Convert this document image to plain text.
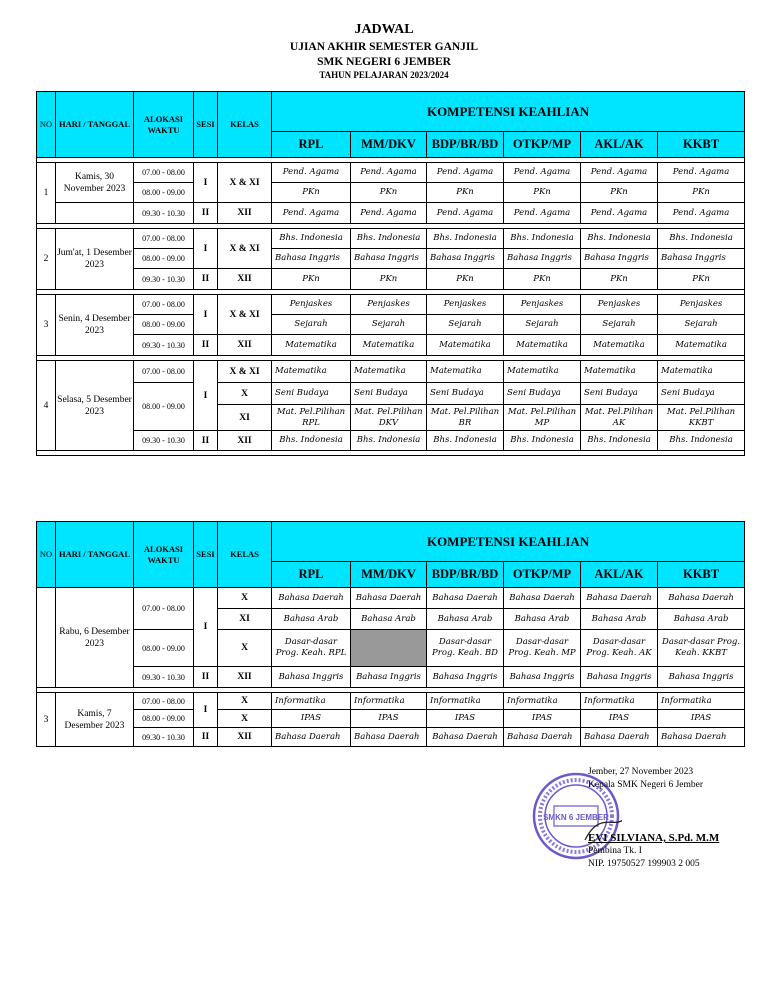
JADWAL
UJIAN AKHIR SEMESTER GANJIL
SMK NEGERI 6 JEMBER
TAHUN PELAJARAN 2023/2024
NO	HARI / TANGGAL	ALOKASI WAKTU	SESI	KELAS	KOMPETENSI KEAHLIAN					
					RPL	MM/DKV	BDP/BR/BD	OTKP/MP	AKL/AK	KKBT

1	Kamis, 30 November 2023	07.00 - 08.00	I	X & XI	Pend. Agama	Pend. Agama	Pend. Agama	Pend. Agama	Pend. Agama	Pend. Agama
		08.00 - 09.00			PKn	PKn	PKn	PKn	PKn	PKn
		09.30 - 10.30	II	XII	Pend. Agama	Pend. Agama	Pend. Agama	Pend. Agama	Pend. Agama	Pend. Agama

2	Jum'at, 1 Desember 2023	07.00 - 08.00	I	X & XI	Bhs. Indonesia	Bhs. Indonesia	Bhs. Indonesia	Bhs. Indonesia	Bhs. Indonesia	Bhs. Indonesia
		08.00 - 09.00			Bahasa Inggris	Bahasa Inggris	Bahasa Inggris	Bahasa Inggris	Bahasa Inggris	Bahasa Inggris
		09.30 - 10.30	II	XII	PKn	PKn	PKn	PKn	PKn	PKn

3	Senin, 4 Desember 2023	07.00 - 08.00	I	X & XI	Penjaskes	Penjaskes	Penjaskes	Penjaskes	Penjaskes	Penjaskes
		08.00 - 09.00			Sejarah	Sejarah	Sejarah	Sejarah	Sejarah	Sejarah
		09.30 - 10.30	II	XII	Matematika	Matematika	Matematika	Matematika	Matematika	Matematika

4	Selasa, 5 Desember 2023	07.00 - 08.00	I	X & XI	Matematika	Matematika	Matematika	Matematika	Matematika	Matematika
		08.00 - 09.00		X	Seni Budaya	Seni Budaya	Seni Budaya	Seni Budaya	Seni Budaya	Seni Budaya
				XI	Mat. Pel.Pilihan RPL	Mat. Pel.Pilihan DKV	Mat. Pel.Pilihan BR	Mat. Pel.Pilihan MP	Mat. Pel.Pilihan AK	Mat. Pel.Pilihan KKBT
		09.30 - 10.30	II	XII	Bhs. Indonesia	Bhs. Indonesia	Bhs. Indonesia	Bhs. Indonesia	Bhs. Indonesia	Bhs. Indonesia

NO	HARI / TANGGAL	ALOKASI WAKTU	SESI	KELAS	KOMPETENSI KEAHLIAN					
					RPL	MM/DKV	BDP/BR/BD	OTKP/MP	AKL/AK	KKBT
	Rabu, 6 Desember 2023	07.00 - 08.00	I	X	Bahasa Daerah	Bahasa Daerah	Bahasa Daerah	Bahasa Daerah	Bahasa Daerah	Bahasa Daerah
				XI	Bahasa Arab	Bahasa Arab	Bahasa Arab	Bahasa Arab	Bahasa Arab	Bahasa Arab
		08.00 - 09.00		X	Dasar-dasar Prog. Keah. RPL		Dasar-dasar Prog. Keah. BD	Dasar-dasar Prog. Keah. MP	Dasar-dasar Prog. Keah. AK	Dasar-dasar Prog. Keah. KKBT
		09.30 - 10.30	II	XII	Bahasa Inggris	Bahasa Inggris	Bahasa Inggris	Bahasa Inggris	Bahasa Inggris	Bahasa Inggris

3	Kamis, 7 Desember 2023	07.00 - 08.00	I	X	Informatika	Informatika	Informatika	Informatika	Informatika	Informatika
		08.00 - 09.00		X	IPAS	IPAS	IPAS	IPAS	IPAS	IPAS
		09.30 - 10.30	II	XII	Bahasa Daerah	Bahasa Daerah	Bahasa Daerah	Bahasa Daerah	Bahasa Daerah	Bahasa Daerah
SMKN 6 JEMBER
Jember, 27 November 2023
Kepala SMK Negeri 6 Jember
EVI SILVIANA, S.Pd. M.M
Pembina Tk. I
NIP. 19750527 199903 2 005
